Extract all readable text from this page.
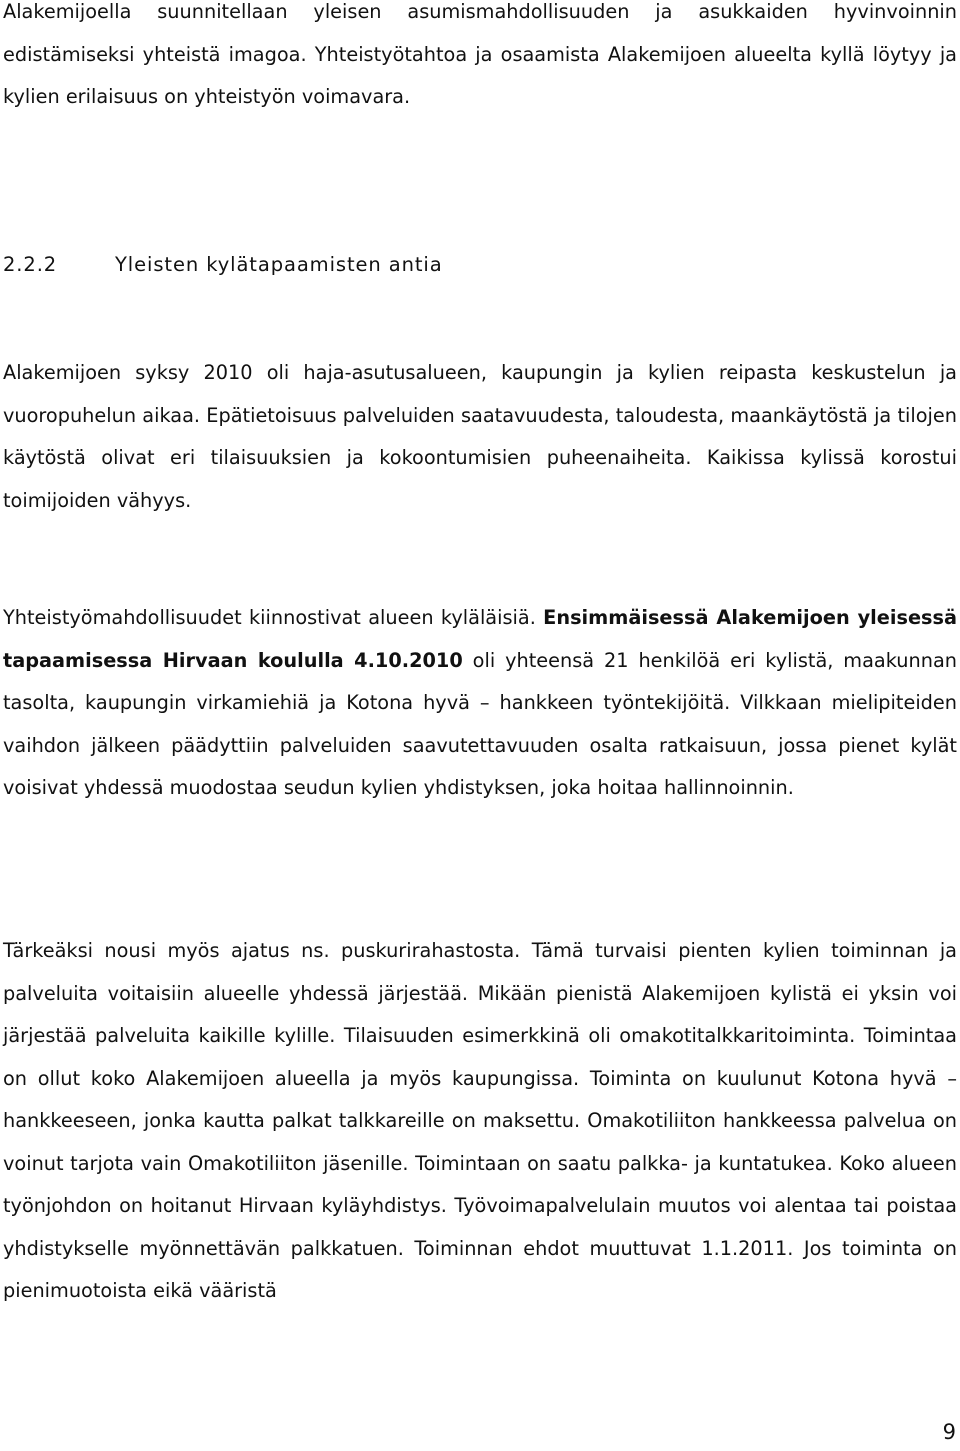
Alakemijoella suunnitellaan yleisen asumismahdollisuuden ja asukkaiden hyvinvoinnin edistämiseksi yhteistä imagoa. Yhteistyötahtoa ja osaamista Alakemijoen alueelta kyllä löytyy ja kylien erilaisuus on yhteistyön voimavara.

2.2.2	Yleisten kylätapaamisten antia

Alakemijoen syksy 2010 oli haja-asutusalueen, kaupungin ja kylien reipasta keskustelun ja vuoropuhelun aikaa. Epätietoisuus palveluiden saatavuudesta, taloudesta, maankäytöstä ja tilojen käytöstä olivat eri tilaisuuksien ja kokoontumisien puheenaiheita. Kaikissa kylissä korostui toimijoiden vähyys.

Yhteistyömahdollisuudet kiinnostivat alueen kyläläisiä. Ensimmäisessä Alakemijoen yleisessä tapaamisessa Hirvaan koululla 4.10.2010 oli yhteensä 21 henkilöä eri kylistä, maakunnan tasolta, kaupungin virkamiehiä ja Kotona hyvä – hankkeen työntekijöitä. Vilkkaan mielipiteiden vaihdon jälkeen päädyttiin palveluiden saavutettavuuden osalta ratkaisuun, jossa pienet kylät voisivat yhdessä muodostaa seudun kylien yhdistyksen, joka hoitaa hallinnoinnin.

Tärkeäksi nousi myös ajatus ns. puskurirahastosta. Tämä turvaisi pienten kylien toiminnan ja palveluita voitaisiin alueelle yhdessä järjestää. Mikään pienistä Alakemijoen kylistä ei yksin voi järjestää palveluita kaikille kylille. Tilaisuuden esimerkkinä oli omakotitalkkaritoiminta. Toimintaa on ollut koko Alakemijoen alueella ja myös kaupungissa. Toiminta on kuulunut Kotona hyvä – hankkeeseen, jonka kautta palkat talkkareille on maksettu. Omakotiliiton hankkeessa palvelua on voinut tarjota vain Omakotiliiton jäsenille. Toimintaan on saatu palkka- ja kuntatukea. Koko alueen työnjohdon on hoitanut Hirvaan kyläyhdistys. Työvoimapalvelulain muutos voi alentaa tai poistaa yhdistykselle myönnettävän palkkatuen. Toiminnan ehdot muuttuvat 1.1.2011. Jos toiminta on pienimuotoista eikä vääristä

9
